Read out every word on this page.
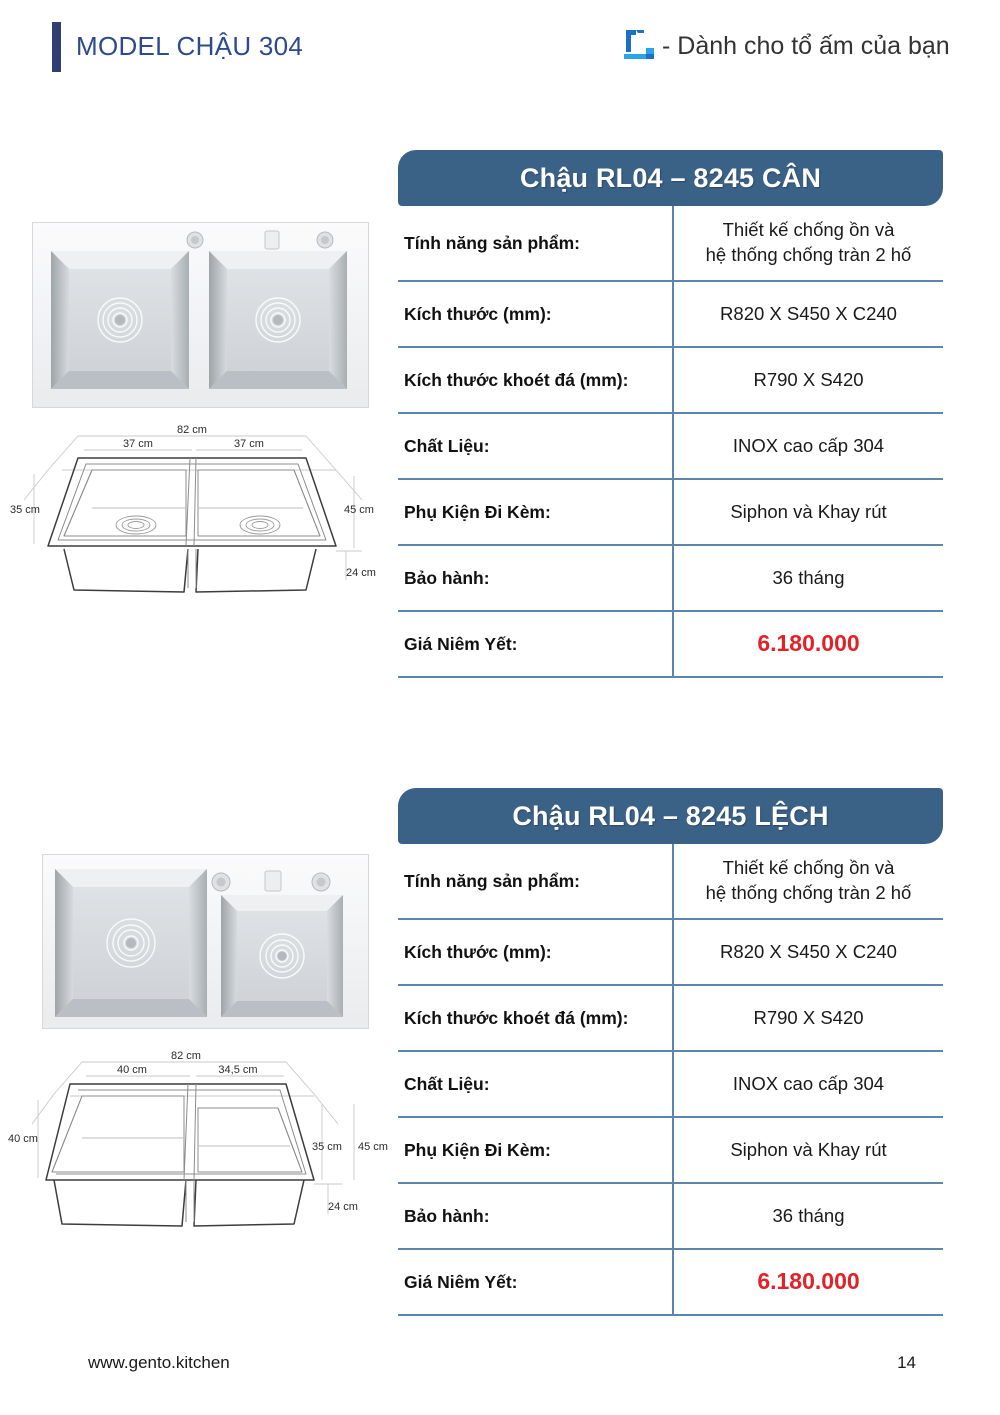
MODEL CHẬU 304	- Dành cho tổ ấm của bạn
82 cm
37 cm	37 cm
35 cm	45 cm
24 cm
Chậu RL04 – 8245 CÂN
Tính năng sản phẩm:
Thiết kế chống ồn và
hệ thống chống tràn 2 hố
Kích thước (mm):	R820 X S450 X C240
Kích thước khoét đá (mm):	R790 X S420
Chất Liệu:	INOX cao cấp 304
Phụ Kiện Đi Kèm:	Siphon và Khay rút
Bảo hành:	36 tháng
Giá Niêm Yết:	6.180.000
82 cm
40 cm	34,5 cm
40 cm
35 cm 45 cm
24 cm
Chậu RL04 – 8245 LỆCH
Tính năng sản phẩm:
Thiết kế chống ồn và
hệ thống chống tràn 2 hố
Kích thước (mm):	R820 X S450 X C240
Kích thước khoét đá (mm):	R790 X S420
Chất Liệu:	INOX cao cấp 304
Phụ Kiện Đi Kèm:	Siphon và Khay rút
Bảo hành:	36 tháng
Giá Niêm Yết:	6.180.000
www.gento.kitchen	14
